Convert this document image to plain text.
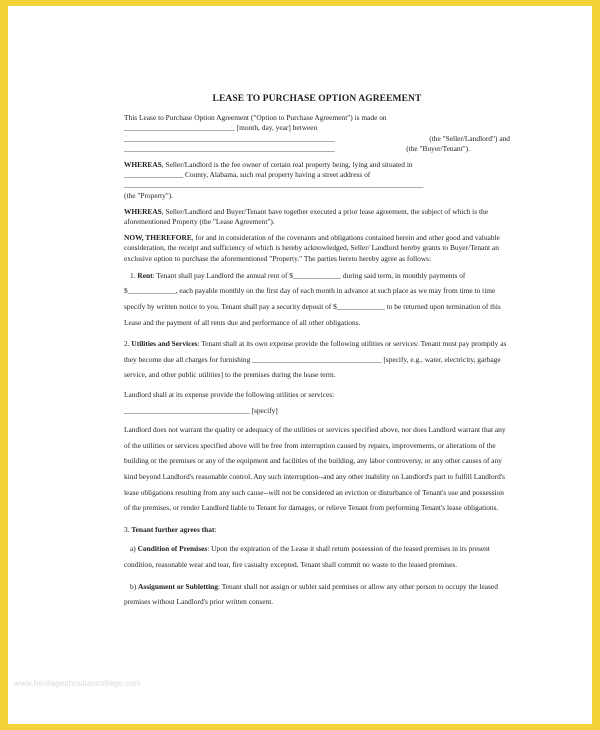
LEASE TO PURCHASE OPTION AGREEMENT
This Lease to Purchase Option Agreement ("Option to Purchase Agreement") is made on
______________________________ [month, day, year] between
_________________________________________________________	(the "Seller/Landlord") and
_________________________________________________________	(the "Buyer/Tenant").
WHEREAS, Seller/Landlord is the fee owner of certain real property being, lying and situated in
________________ County, Alabama, such real property having a street address of
_________________________________________________________________________________
(the "Property").
WHEREAS, Seller/Landlord and Buyer/Tenant have together executed a prior lease agreement, the subject of which is the aforementioned Property (the "Lease Agreement").
NOW, THEREFORE, for and in consideration of the covenants and obligations contained herein and other good and valuable consideration, the receipt and sufficiency of which is hereby acknowledged, Seller/ Landlord hereby grants to Buyer/Tenant an exclusive option to purchase the aforementioned "Property." The parties hereto hereby agree as follows:
1. Rent: Tenant shall pay Landlord the annual rent of $_____________ during said term, in monthly payments of $_____________, each payable monthly on the first day of each month in advance at such place as we may from time to time specify by written notice to you. Tenant shall pay a security deposit of $_____________ to be returned upon termination of this Lease and the payment of all rents due and performance of all other obligations.
2. Utilities and Services: Tenant shall at its own expense provide the following utilities or services: Tenant must pay promptly as they become due all charges for furnishing ___________________________________ [specify, e.g., water, electricity, garbage service, and other public utilities] to the premises during the lease term.
Landlord shall at its expense provide the following utilities or services:
__________________________________ [specify]
Landlord does not warrant the quality or adequacy of the utilities or services specified above, nor does Landlord warrant that any of the utilities or services specified above will be free from interruption caused by repairs, improvements, or alterations of the building or the premises or any of the equipment and facilities of the building, any labor controversy, or any other causes of any kind beyond Landlord's reasonable control. Any such interruption--and any other inability on Landlord's part to fulfill Landlord's lease obligations resulting from any such cause--will not be considered an eviction or disturbance of Tenant's use and possession of the premises, or render Landlord liable to Tenant for damages, or relieve Tenant from performing Tenant's lease obligations.
3. Tenant further agrees that:
a) Condition of Premises: Upon the expiration of the Lease it shall return possession of the leased premises in its present condition, reasonable wear and tear, fire casualty excepted. Tenant shall commit no waste to the leased premises.
b) Assignment or Subletting: Tenant shall not assign or sublet said premises or allow any other person to occupy the leased premises without Landlord's prior written consent.
www.heritagechristiancollege.com
